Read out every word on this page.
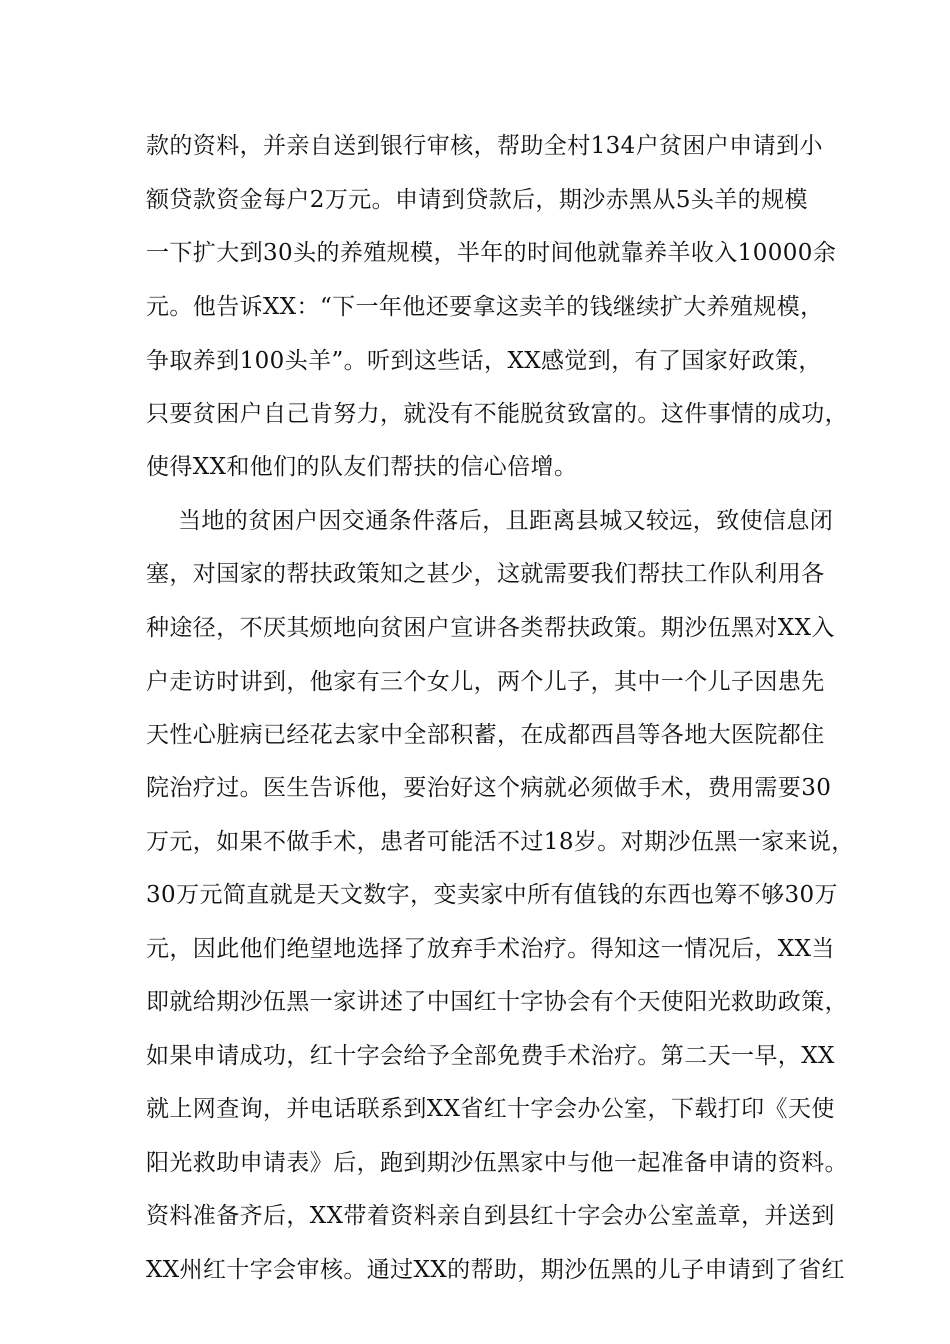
款的资料，并亲自送到银行审核，帮助全村134户贫困户申请到小
额贷款资金每户2万元。申请到贷款后，期沙赤黑从5头羊的规模
一下扩大到30头的养殖规模，半年的时间他就靠养羊收入10000余
元。他告诉XX：“下一年他还要拿这卖羊的钱继续扩大养殖规模，
争取养到100头羊”。听到这些话，XX感觉到，有了国家好政策，
只要贫困户自己肯努力，就没有不能脱贫致富的。这件事情的成功，
使得XX和他们的队友们帮扶的信心倍增。
当地的贫困户因交通条件落后，且距离县城又较远，致使信息闭
塞，对国家的帮扶政策知之甚少，这就需要我们帮扶工作队利用各
种途径，不厌其烦地向贫困户宣讲各类帮扶政策。期沙伍黑对XX入
户走访时讲到，他家有三个女儿，两个儿子，其中一个儿子因患先
天性心脏病已经花去家中全部积蓄，在成都西昌等各地大医院都住
院治疗过。医生告诉他，要治好这个病就必须做手术，费用需要30
万元，如果不做手术，患者可能活不过18岁。对期沙伍黑一家来说，
30万元简直就是天文数字，变卖家中所有值钱的东西也筹不够30万
元，因此他们绝望地选择了放弃手术治疗。得知这一情况后，XX当
即就给期沙伍黑一家讲述了中国红十字协会有个天使阳光救助政策，
如果申请成功，红十字会给予全部免费手术治疗。第二天一早，XX
就上网查询，并电话联系到XX省红十字会办公室，下载打印《天使
阳光救助申请表》后，跑到期沙伍黑家中与他一起准备申请的资料。
资料准备齐后，XX带着资料亲自到县红十字会办公室盖章，并送到
XX州红十字会审核。通过XX的帮助，期沙伍黑的儿子申请到了省红
